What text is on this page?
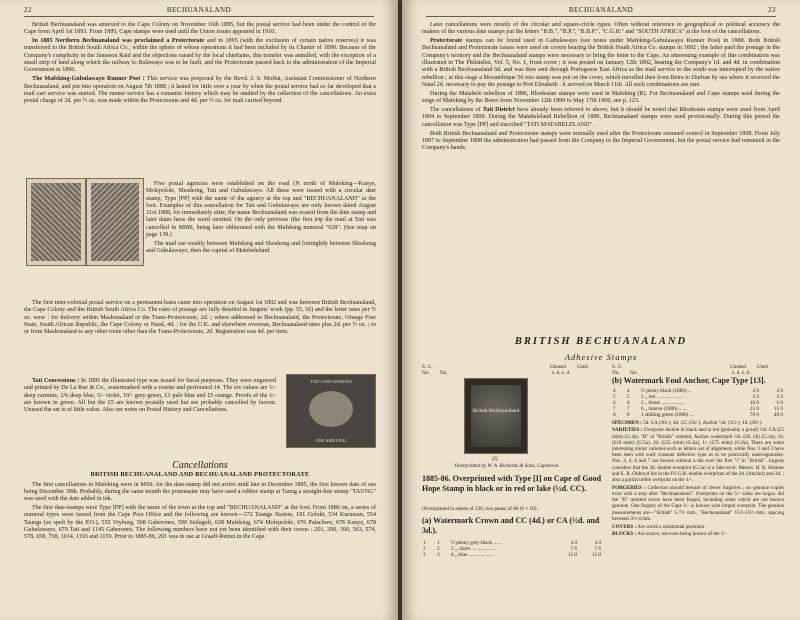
22	BECHUANALAND

British Bechuanaland was annexed to the Cape Colony on November 16th 1895, but the postal service had been under the control of the Cape from April 1st 1893. From 1895, Cape stamps were used until the Union issues appeared in 1910.

In 1885 Northern Bechuanaland was proclaimed a Protectorate and in 1895 (with the exclusion of certain native reserves) it was transferred to the British South Africa Co., within the sphere of whose operations it had been included by its Charter of 1890. Because of the Company's complicity in the Jameson Raid and the objections raised by the local chieftains, this transfer was annulled, with the exception of a small strip of land along which the railway to Bulawayo was to be built, and the Protectorate passed back to the administration of the Imperial Government in 1896.

The Mafeking-Gubulawayo Runner Post : This service was proposed by the Revd. J. S. Moffat, Assistant Commissioner of Northern Bechuanaland, and put into operation on August 7th 1888 ; it lasted for little over a year by when the postal service had so far developed that a mail cart service was started. The runner service has a romantic history which may be studied by the collection of the cancellations. An extra postal charge of 2d. per ½ oz. was made within the Protectorate and 4d. per ½ oz. for mail carried beyond.

Five postal agencies were established on the road (N north of Mafeking—Kanye, Molepolole, Shoshong, Tati and Gubulawayo. All these were issued with a circular date stamp, Type [PP] with the name of the agency at the top and "BECHUANALAND" at the foot. Examples of this cancellation for Tati and Gubulawayo are only known dated August 21st 1888, for immediately after, the name Bechuanaland was erased from the date stamp and later dates have the word omitted. On the only previous (the first trip the mail at Tati was cancelled in MMS, being later obliterated with the Mafeking numeral "638". (See map on page 139.)

The mail ran weekly between Mafeking and Shoshong and fortnightly between Shoshong and Gubulawayo, then the capital of Matebeleland.

The first inter-colonial postal service on a permanent basis came into operation on August 1st 1892 and was between British Bechuanaland, the Cape Colony and the British South Africa Co. The rates of postage are fully detailed in Jurgens' work (pp. 55, 56) and the letter rates per ½ oz. were : for delivery within Mashonaland or the Trans-Protectorate, 2d. ; where addressed to Bechuanaland, the Protectorate, Orange Free State, South African Republic, the Cape Colony or Natal, 4d. ; for the U.K. and elsewhere overseas, Bechuanaland rates plus 2d. per ½ oz. ; to or from Mashonaland to any other route other than the Trans-Protectorate, 2d. Registration was 4d. per item.

Tati Concessions : In 1895 the illustrated type was issued for fiscal purposes. They were engraved and printed by De La Rue & Co., watermarked with a rosette and perforated 14. The six values are 1/- deep carmine, 2/6 deep blue, 5/- violet, 10/- grey-green, £1 pale blue and £5 orange. Proofs of the 1/- are known in green. All but the £5 are known postally used but are probably cancelled by favour. Unused the set is of little value. Also see notes on Postal History and Cancellations.

TATI CONCESSIONS
ONE SHILLING
Cancellations
BRITISH BECHUANALAND AND BECHUANALAND PROTECTORATE

The first cancellations in Mafeking were in MSS. for the date-stamp did not arrive until late in December 1885, the first known date of use being December 30th. Probably, during the same month the postmaster may have used a rubber stamp at Taung a straight-line stamp "TAUNG" was used with the date added in ink.

The first date-stamps were Type [PP] with the name of the town at the top and "BECHUANALAND" at the foot. From 1886 on, a series of numeral types were issued from the Cape Post Office and the following are known—172 Taungs Station, 181 Gelukt, 534 Kuruman, 554 Taungs (so spelt by the P.O.), 555 Vryburg, 568 Gaberones, 590 Setlagoli, 638 Mafeking, 674 Molepolole, 676 Palachwe, 678 Kanye, 678 Gubulawayo, 679 Tati and 1145 Gaberones. The following numbers have not yet been identified with their towns : 201, 290, 390, 563, 574, 578, 658, 758, 1014, 1193 and 1159. Prior to 1885-86, 201 was in use at Graaff-Reinet in the Cape.

BECHUANALAND	23

Later cancellations were mostly of the circular and square-circle types. Often without reference to geographical or political accuracy the makers of the various date stamps put the letters "B.B.", "B.P.", "B.B.P.", "C.G.H." and "SOUTH AFRICA" at the foot of the cancellations.

Protectorate stamps can be found used in Gubulawayo (see notes under Mafeking-Gubulawayo Runner Post) in 1888. Both British Bechuanaland and Protectorate issues were used on covers bearing the British South Africa Co. stamps in 1892 ; the latter paid the postage in the Company's territory and the Bechuanaland stamps were necessary to bring the letter to the Cape. An interesting example of this combination was illustrated in The Philatelist, Vol. 5, No. 1, front cover ; it was posted on January 12th 1892, bearing the Company's 1d. and 4d. in combination with a British Bechuanaland 6d. and was then sent through Portuguese East Africa as the mail service to the south was interrupted by the native rebellion ; at this stage a Mozambique 50 reis stamp was put on the cover, which travelled then from Beira to Durban by sea where it received the Natal 2d. necessary to pay the postage to Port Elizabeth : it arrived on March 11th. All such combinations are rare.

During the Matabele rebellion of 1896, Rhodesian stamps were used in Mafeking (R). For Bechuanaland and Cape stamps used during the seige of Mafeking by the Boers from November 12th 1899 to May 17th 1900, see p. 123.

The cancellations of Tati District have already been referred to above, but it should be noted that Rhodesian stamps were used from April 1894 to September 1898. During the Matabeleland Rebellion of 1896, Bechuanaland stamps were used provisionally. During this period the cancellation was Type [PP] and inscribed "TATI MATABELELAND".

Both British Bechuanaland and Protectorate stamps were normally used after the Protectorate resumed control in September 1898. From July 1897 to September 1898 the administration had passed from the Company to the Imperial Government, but the postal service had remained in the Company's hands.

BRITISH BECHUANALAND
Adhesive Stamps
S. G.
No. No.
Unused Used
s. d. s. d.
British Bechuanaland
[I]
Overprinted by W. A. Richards & Sons, Capetown.
1885-86. Overprinted with Type [I] on Cape of Good Hope Stamp in black or in red or lake (½d. CC).
(Overprinted in sheets of 120, two panes of 60 (6 × 10).
(a) Watermark Crown and CC (4d.) or CA (½d. and 3d.).
1	1	½ penny grey-black ......	4 0	4 0
2	2	3 „ claret ..................	7 6	7 6
3	3	4 „ blue ...................	12 0	12 0
S. G.
No. No.
Unused Used
s. d. s. d.
(b) Watermark Foul Anchor, Cape Type [13].
4	4	½ penny black (1886) ...	2 0	2 0
5	5	1 „ red ....................	5 0	5 0
6	6	2 „ bistre ..................	10 0	1 0
7	7	6 „ mauve (1886) ......	25 0	15 0
8	8	1 shilling green (1886) ...	70 0	40 0

SPECIMEN : 5d. CA (30/-), 4d. CC (50/-), Anchor ½d. (15/-), 1d. (30/-).

VARIETIES : Overprint double in black and in red (probably a proof) ½d. CA (£5 mint) (G.4a). "B" of "British" omitted, Anchor watermark ½d. (£6, £8) (G.4a), 1d. (£18 mint) (G.5a), 2d. (£25 mint) (G.6a), 1/- (£75 mint) (G.8a). There are some interesting minor varieties such as letters out of alignment, while Nos. 1 and 3 have been seen with such constant defective type as to be practically unrecognisable. Nos. 2, 4, 6 and 7 are known without a dot over the first "i" in "British". Jurgens considers that the 3d. double overprint (G.5a) is a fake error. Messrs. H. R. Holmes and E. R. Oldroyd list in the P.J.G.B. double overprints of the 2d. (Anchor) and 3d. ; also a partial treble overprint on the 1/-.

FORGERIES : Collectors should beware of clever forgeries ; no genuine copies exist with a stop after "Bechuanaland". Overprints on the 5/- value are bogus. All the "B" omitted errors have been forged, including some which are not known genuine. One forgery of the Cape 1/- is known with forged overprint. The genuine measurements are—"British" 5·7½ mm., "Bechuanaland" 15½-15½ mm., spacing between 3½-4 mm.

COVERS : Are worth a substantial premium.

BLOCKS : Are scarce, not even being known of the 1/-.
